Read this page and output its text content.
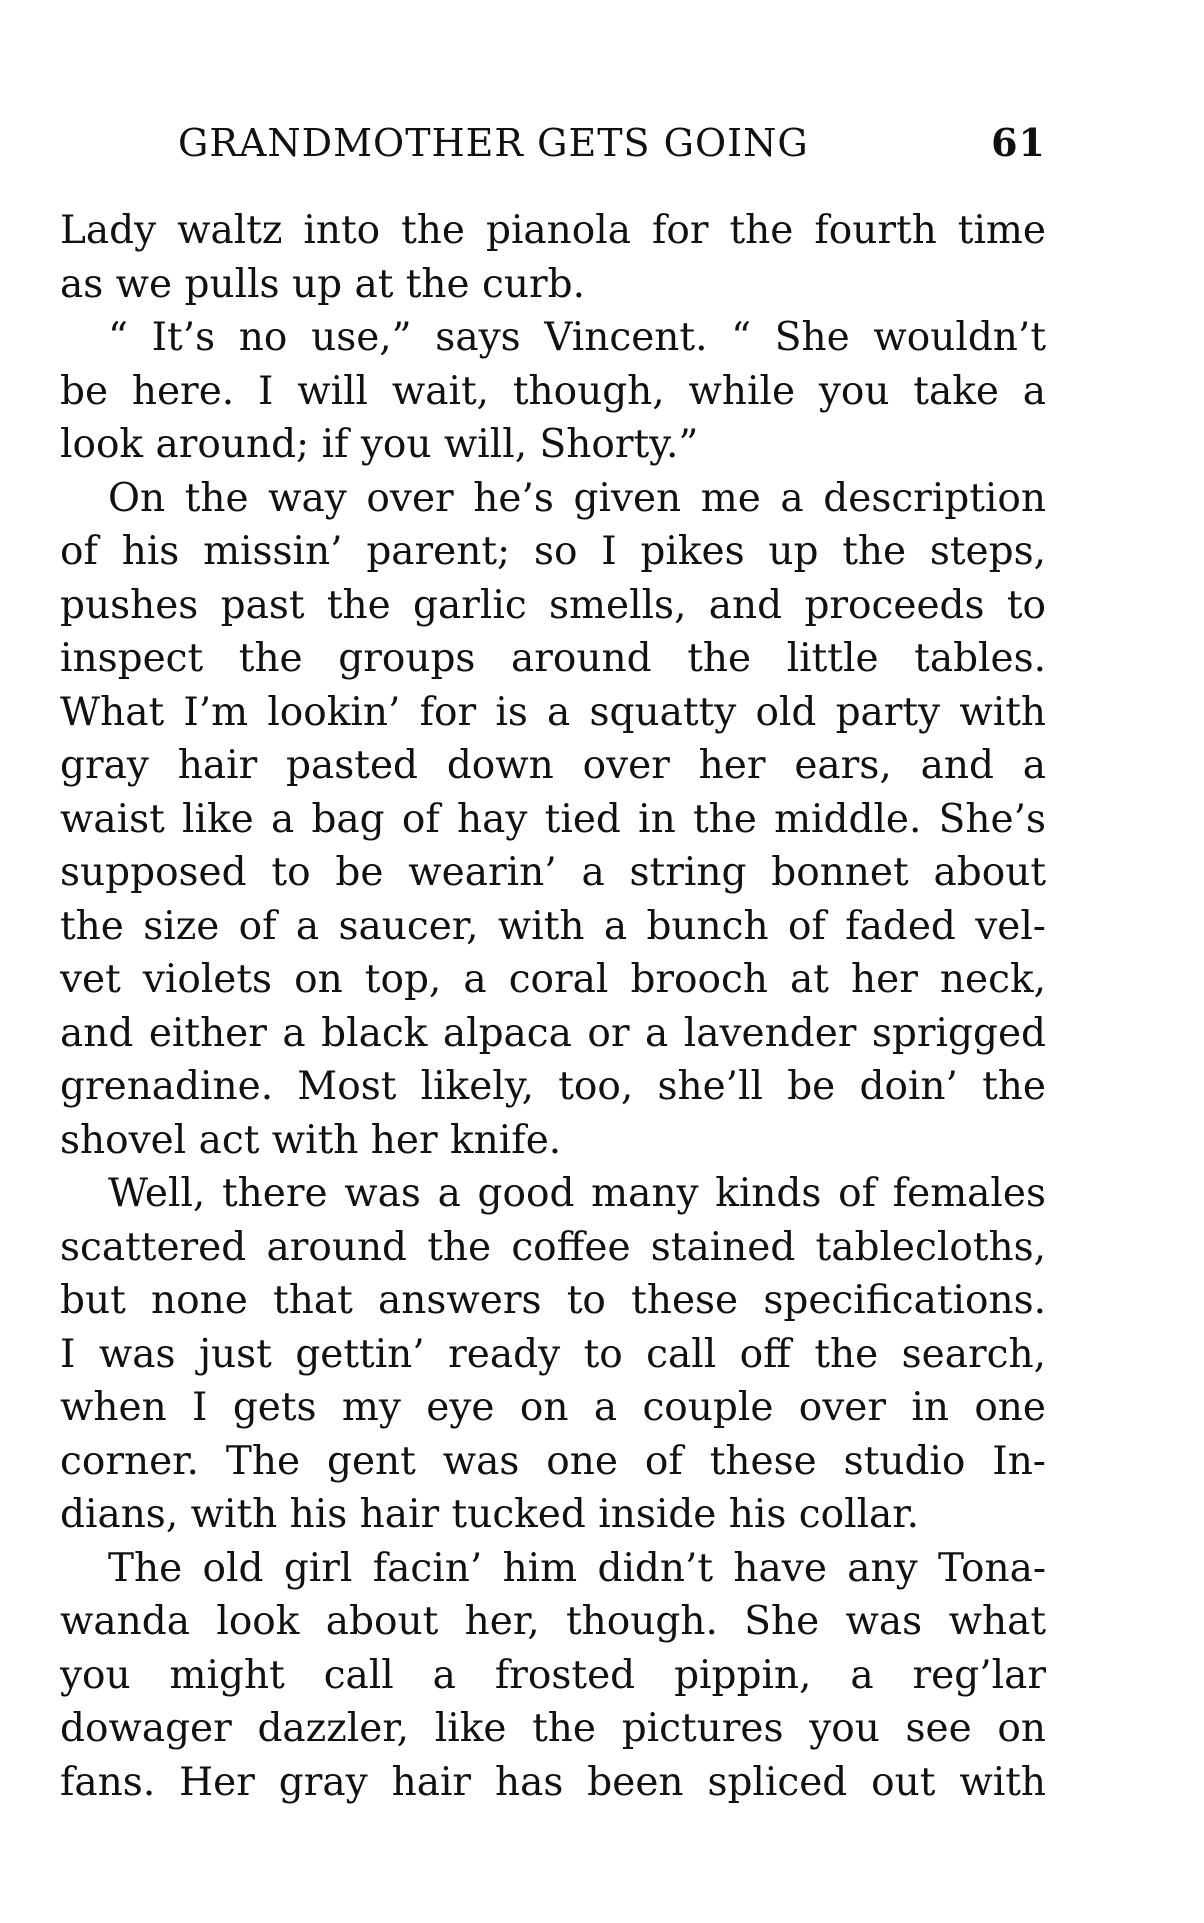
GRANDMOTHER GETS GOING	61
Lady waltz into the pianola for the fourth time
as we pulls up at the curb.
“ It’s no use,” says Vincent. “ She wouldn’t
be here. I will wait, though, while you take a
look around; if you will, Shorty.”
On the way over he’s given me a description
of his missin’ parent; so I pikes up the steps,
pushes past the garlic smells, and proceeds to
inspect the groups around the little tables.
What I’m lookin’ for is a squatty old party with
gray hair pasted down over her ears, and a
waist like a bag of hay tied in the middle. She’s
supposed to be wearin’ a string bonnet about
the size of a saucer, with a bunch of faded vel-
vet violets on top, a coral brooch at her neck,
and either a black alpaca or a lavender sprigged
grenadine. Most likely, too, she’ll be doin’ the
shovel act with her knife.
Well, there was a good many kinds of females
scattered around the coffee stained tablecloths,
but none that answers to these specifications.
I was just gettin’ ready to call off the search,
when I gets my eye on a couple over in one
corner. The gent was one of these studio In-
dians, with his hair tucked inside his collar.
The old girl facin’ him didn’t have any Tona-
wanda look about her, though. She was what
you might call a frosted pippin, a reg’lar
dowager dazzler, like the pictures you see on
fans. Her gray hair has been spliced out with
